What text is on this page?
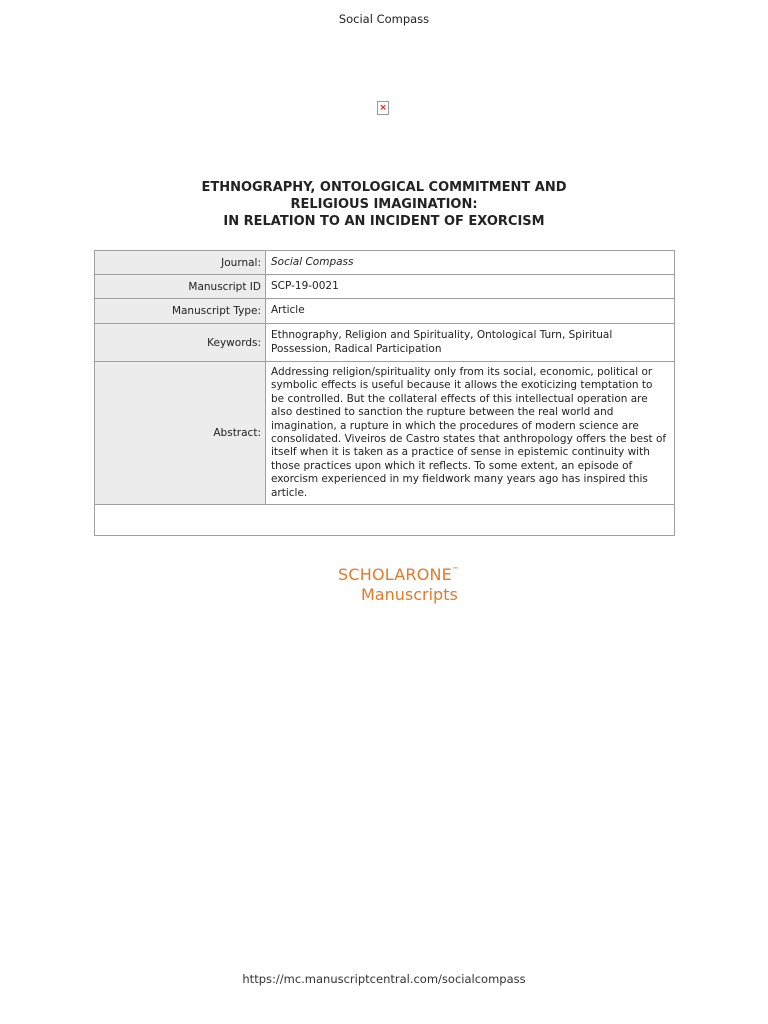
Social Compass
×
ETHNOGRAPHY, ONTOLOGICAL COMMITMENT AND
RELIGIOUS IMAGINATION:
IN RELATION TO AN INCIDENT OF EXORCISM
Journal:	Social Compass
Manuscript ID	SCP-19-0021
Manuscript Type:	Article
Keywords:	Ethnography, Religion and Spirituality, Ontological Turn, Spiritual Possession, Radical Participation
Abstract:	Addressing religion/spirituality only from its social, economic, political or symbolic effects is useful because it allows the exoticizing temptation to be controlled. But the collateral effects of this intellectual operation are also destined to sanction the rupture between the real world and imagination, a rupture in which the procedures of modern science are consolidated. Viveiros de Castro states that anthropology offers the best of itself when it is taken as a practice of sense in epistemic continuity with those practices upon which it reflects. To some extent, an episode of exorcism experienced in my fieldwork many years ago has inspired this article.

SCHOLARONE™
Manuscripts
https://mc.manuscriptcentral.com/socialcompass
